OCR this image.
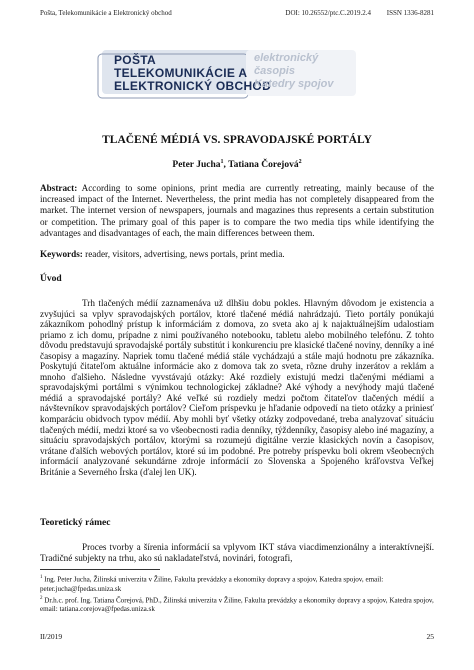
Pošta, Telekomunikácie a Elektronický obchod	DOI: 10.26552/ptc.C.2019.2.4 ISSN 1336-8281
POŠTA
TELEKOMUNIKÁCIE A
ELEKTRONICKÝ OBCHOD
elektronický
časopis
Katedry spojov
TLAČENÉ MÉDIÁ VS. SPRAVODAJSKÉ PORTÁLY
Peter Jucha$^1$, Tatiana Čorejová$^2$
Abstract: According to some opinions, print media are currently retreating, mainly because of the increased impact of the Internet. Nevertheless, the print media has not completely disappeared from the market. The internet version of newspapers, journals and magazines thus represents a certain substitution or competition. The primary goal of this paper is to compare the two media tips while identifying the advantages and disadvantages of each, the main differences between them.
Keywords: reader, visitors, advertising, news portals, print media.
Úvod

Trh tlačených médií zaznamenáva už dlhšiu dobu pokles. Hlavným dôvodom je existencia a zvyšujúci sa vplyv spravodajských portálov, ktoré tlačené médiá nahrádzajú. Tieto portály ponúkajú zákazníkom pohodlný prístup k informáciám z domova, zo sveta ako aj k najaktuálnejším udalostiam priamo z ich domu, prípadne z nimi používaného notebooku, tabletu alebo mobilného telefónu. Z tohto dôvodu predstavujú spravodajské portály substitút i konkurenciu pre klasické tlačené noviny, denníky a iné časopisy a magazíny. Napriek tomu tlačené médiá stále vychádzajú a stále majú hodnotu pre zákazníka. Poskytujú čitateľom aktuálne informácie ako z domova tak zo sveta, rôzne druhy inzerátov a reklám a mnoho ďalšieho. Následne vyvstávajú otázky: Aké rozdiely existujú medzi tlačenými médiami a spravodajskými portálmi s výnimkou technologickej základne? Aké výhody a nevýhody majú tlačené médiá a spravodajské portály? Aké veľké sú rozdiely medzi počtom čitateľov tlačených médií a návštevníkov spravodajských portálov? Cieľom príspevku je hľadanie odpovedí na tieto otázky a priniesť komparáciu obidvoch typov médií. Aby mohli byť všetky otázky zodpovedané, treba analyzovať situáciu tlačených médií, medzi ktoré sa vo všeobecnosti radia denníky, týždenníky, časopisy alebo iné magazíny, a situáciu spravodajských portálov, ktorými sa rozumejú digitálne verzie klasických novín a časopisov, vrátane ďalších webových portálov, ktoré sú im podobné. Pre potreby príspevku boli okrem všeobecných informácií analyzované sekundárne zdroje informácií zo Slovenska a Spojeného kráľovstva Veľkej Británie a Severného Írska (ďalej len UK).

Teoretický rámec

Proces tvorby a šírenia informácií sa vplyvom IKT stáva viacdimenzionálny a interaktívnejší. Tradičné subjekty na trhu, ako sú nakladateľstvá, novinári, fotografi,

$^1$ Ing. Peter Jucha, Žilinská univerzita v Žiline, Fakulta prevádzky a ekonomiky dopravy a spojov, Katedra spojov, email: peter.jucha@fpedas.uniza.sk

$^2$ Dr.h.c. prof. Ing. Tatiana Čorejová, PhD., Žilinská univerzita v Žiline, Fakulta prevádzky a ekonomiky dopravy a spojov, Katedra spojov, email: tatiana.corejova@fpedas.uniza.sk

II/2019	25
